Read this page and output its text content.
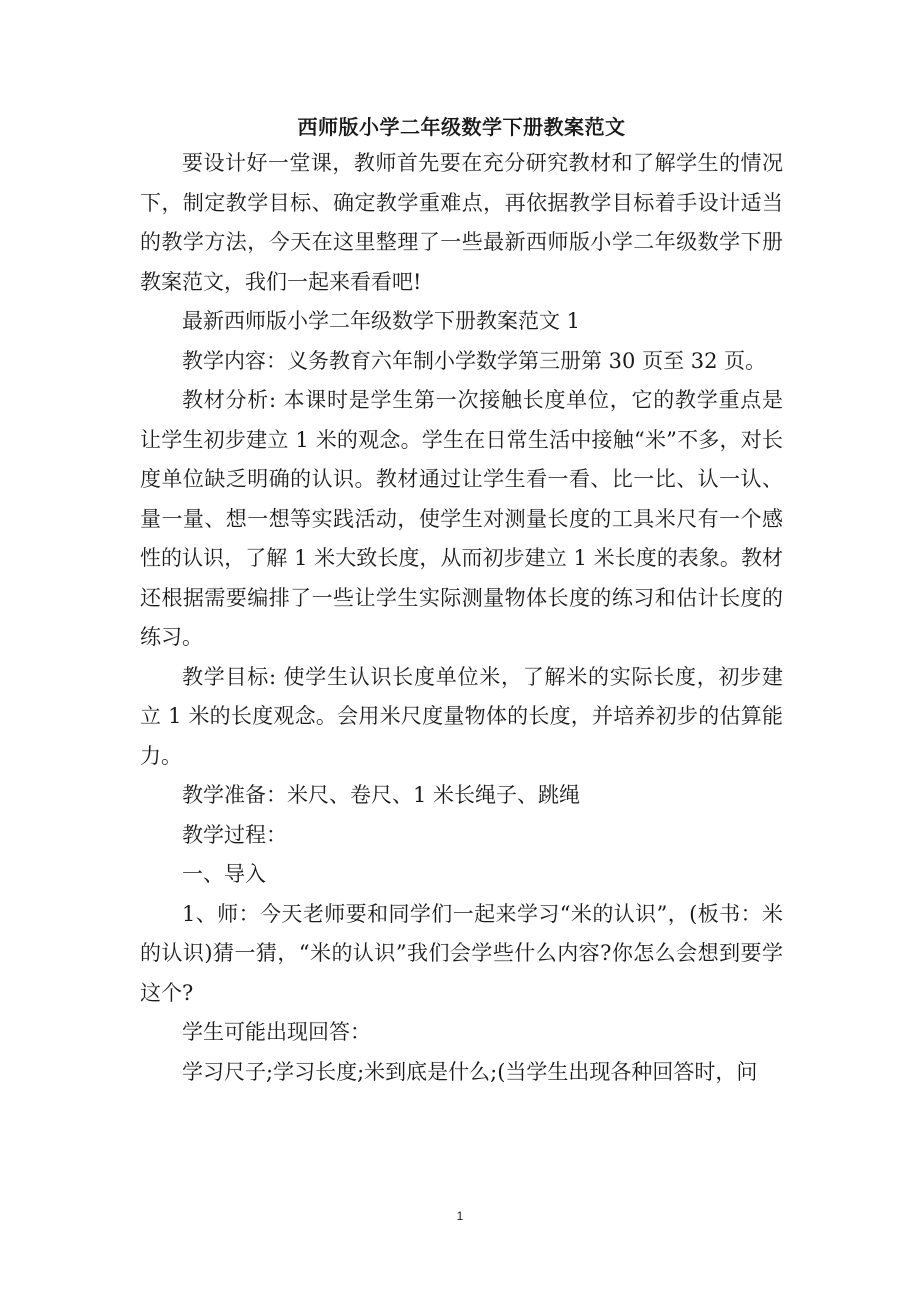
西师版小学二年级数学下册教案范文

要设计好一堂课，教师首先要在充分研究教材和了解学生的情况下，制定教学目标、确定教学重难点，再依据教学目标着手设计适当的教学方法，今天在这里整理了一些最新西师版小学二年级数学下册教案范文，我们一起来看看吧!

最新西师版小学二年级数学下册教案范文 1

教学内容：义务教育六年制小学数学第三册第 30 页至 32 页。

教材分析: 本课时是学生第一次接触长度单位，它的教学重点是让学生初步建立 1 米的观念。学生在日常生活中接触“米”不多，对长度单位缺乏明确的认识。教材通过让学生看一看、比一比、认一认、量一量、想一想等实践活动，使学生对测量长度的工具米尺有一个感性的认识，了解 1 米大致长度，从而初步建立 1 米长度的表象。教材还根据需要编排了一些让学生实际测量物体长度的练习和估计长度的练习。

教学目标: 使学生认识长度单位米，了解米的实际长度，初步建立 1 米的长度观念。会用米尺度量物体的长度，并培养初步的估算能力。

教学准备：米尺、卷尺、1 米长绳子、跳绳

教学过程：

一、导入

1、师：今天老师要和同学们一起来学习“米的认识”，(板书：米的认识)猜一猜，“米的认识”我们会学些什么内容?你怎么会想到要学这个?

学生可能出现回答：

学习尺子;学习长度;米到底是什么;(当学生出现各种回答时，问

1
